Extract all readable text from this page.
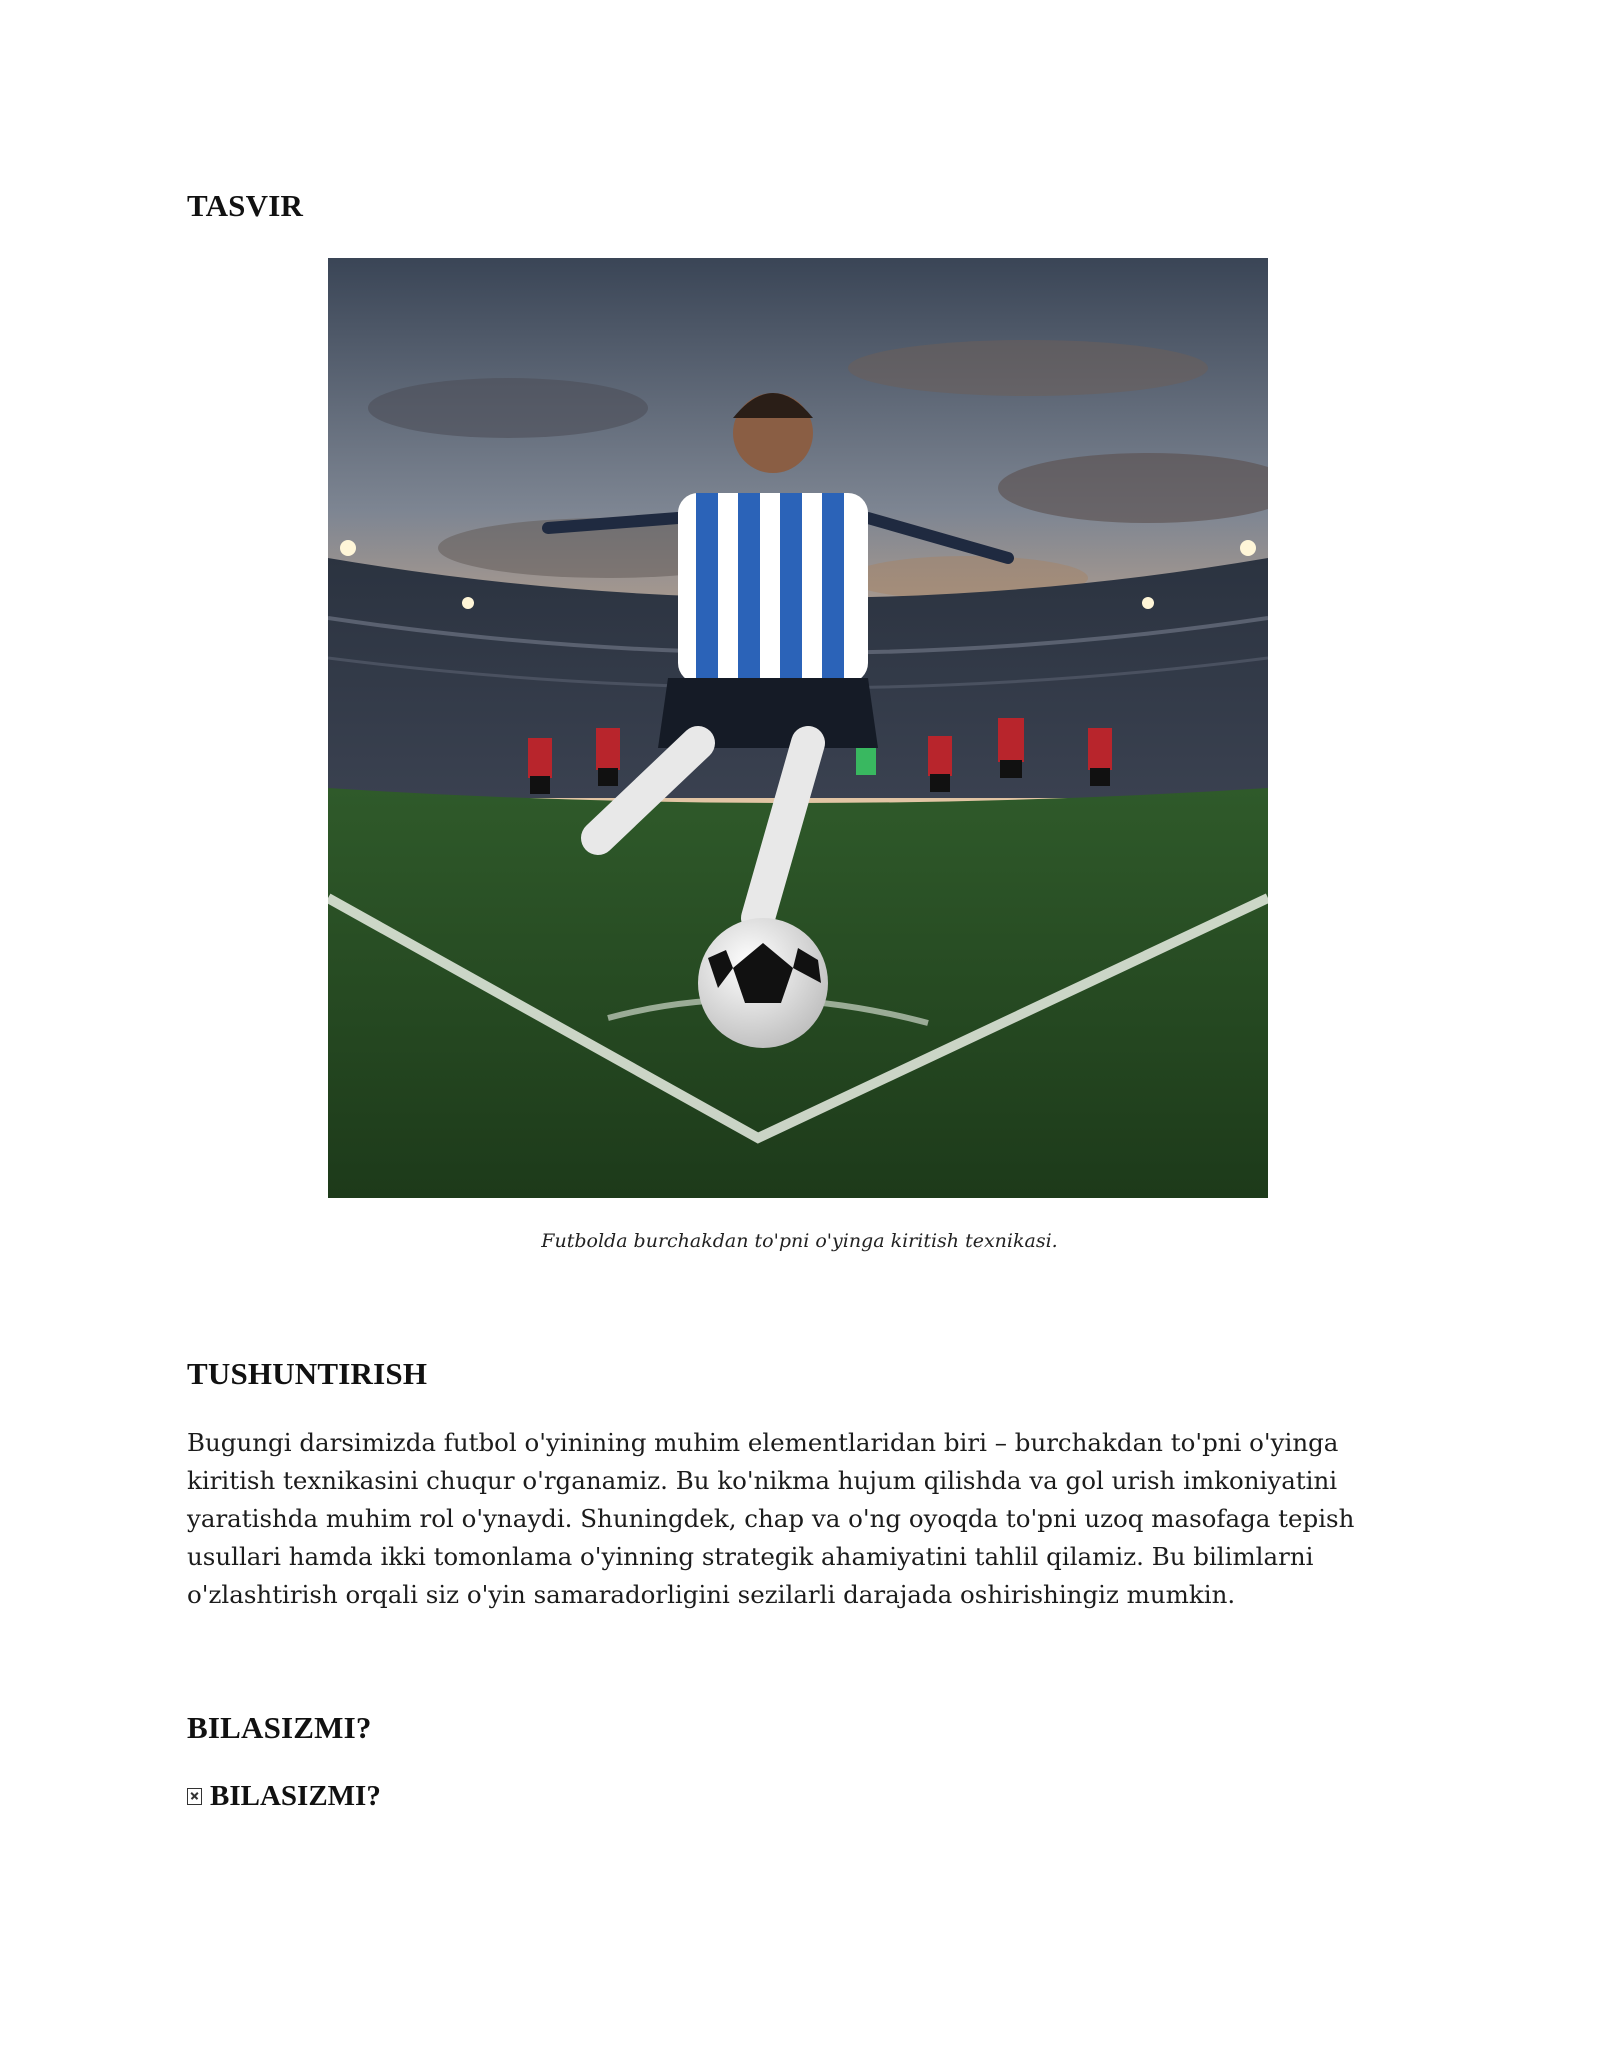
TASVIR

Futbolda burchakdan to'pni o'yinga kiritish texnikasi.

TUSHUNTIRISH

Bugungi darsimizda futbol o'yinining muhim elementlaridan biri – burchakdan to'pni o'yinga kiritish texnikasini chuqur o'rganamiz. Bu ko'nikma hujum qilishda va gol urish imkoniyatini yaratishda muhim rol o'ynaydi. Shuningdek, chap va o'ng oyoqda to'pni uzoq masofaga tepish usullari hamda ikki tomonlama o'yinning strategik ahamiyatini tahlil qilamiz. Bu bilimlarni o'zlashtirish orqali siz o'yin samaradorligini sezilarli darajada oshirishingiz mumkin.

BILASIZMI?
BILASIZMI?
